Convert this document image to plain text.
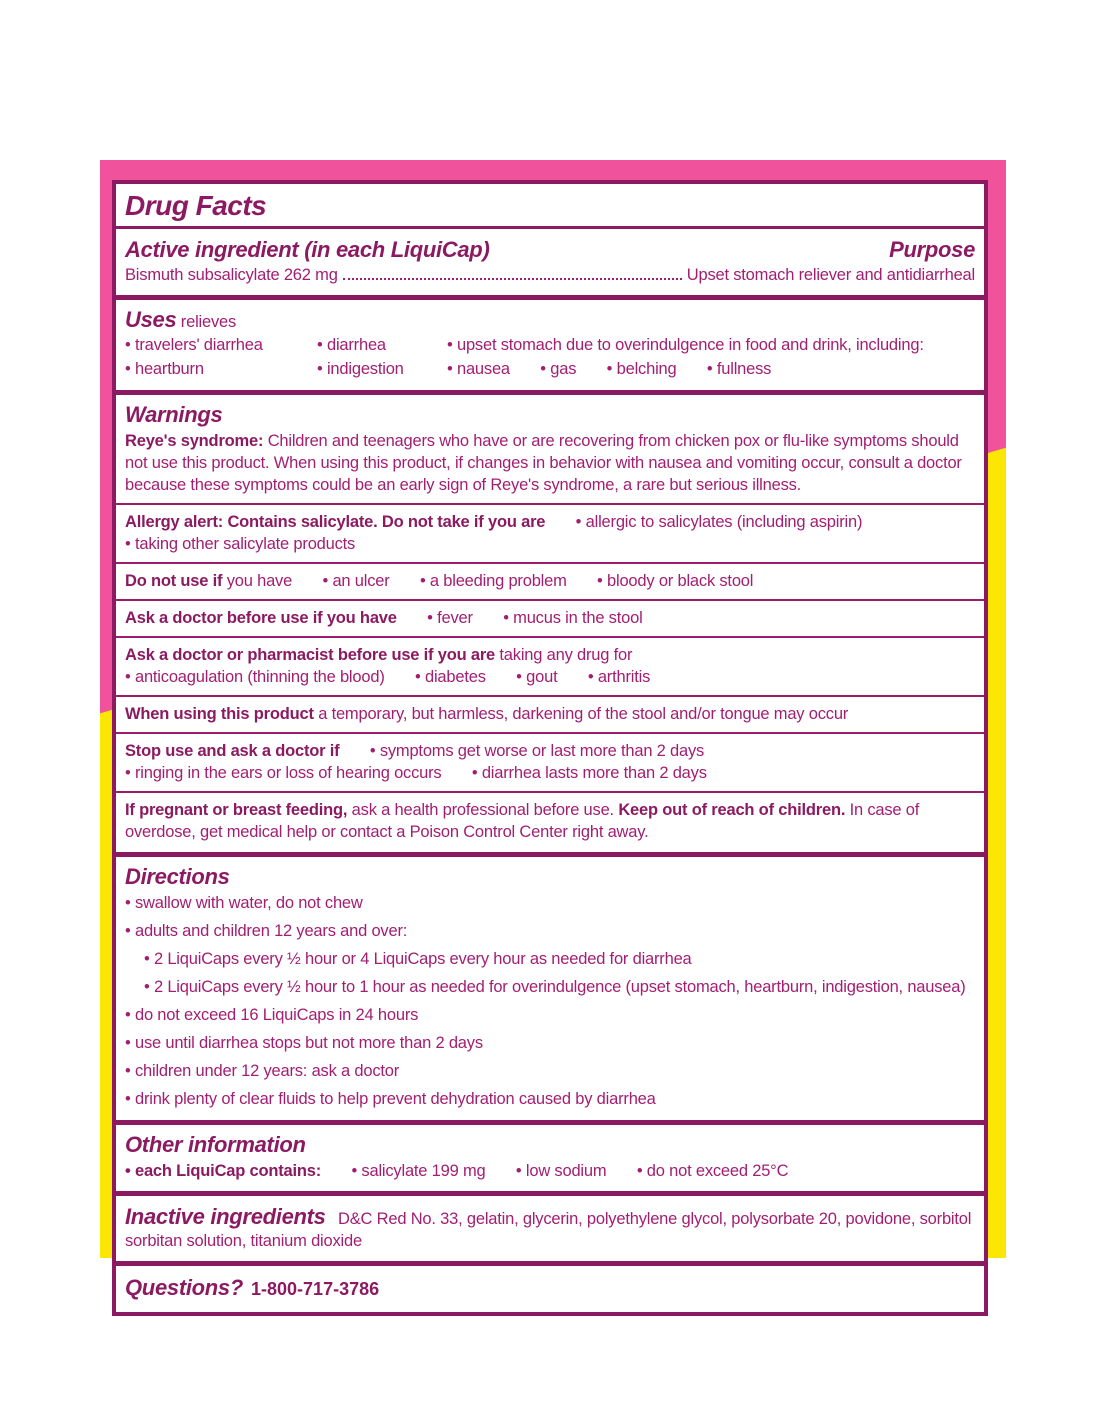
Drug Facts
Active ingredient (in each LiquiCap)	Purpose
Bismuth subsalicylate 262 mg	Upset stomach reliever and antidiarrheal
Uses relieves
• travelers' diarrhea	• diarrhea	• upset stomach due to overindulgence in food and drink, including:
• heartburn	• indigestion	• nausea • gas • belching • fullness
Warnings

Reye's syndrome: Children and teenagers who have or are recovering from chicken pox or flu-like symptoms should not use this product. When using this product, if changes in behavior with nausea and vomiting occur, consult a doctor because these symptoms could be an early sign of Reye's syndrome, a rare but serious illness.

Allergy alert: Contains salicylate. Do not take if you are • allergic to salicylates (including aspirin)
• taking other salicylate products

Do not use if you have • an ulcer • a bleeding problem • bloody or black stool

Ask a doctor before use if you have • fever • mucus in the stool

Ask a doctor or pharmacist before use if you are taking any drug for
• anticoagulation (thinning the blood) • diabetes • gout • arthritis

When using this product a temporary, but harmless, darkening of the stool and/or tongue may occur

Stop use and ask a doctor if • symptoms get worse or last more than 2 days
• ringing in the ears or loss of hearing occurs • diarrhea lasts more than 2 days

If pregnant or breast feeding, ask a health professional before use. Keep out of reach of children. In case of overdose, get medical help or contact a Poison Control Center right away.

Directions

• swallow with water, do not chew

• adults and children 12 years and over:

• 2 LiquiCaps every ½ hour or 4 LiquiCaps every hour as needed for diarrhea

• 2 LiquiCaps every ½ hour to 1 hour as needed for overindulgence (upset stomach, heartburn, indigestion, nausea)

• do not exceed 16 LiquiCaps in 24 hours

• use until diarrhea stops but not more than 2 days

• children under 12 years: ask a doctor

• drink plenty of clear fluids to help prevent dehydration caused by diarrhea

Other information

• each LiquiCap contains: • salicylate 199 mg • low sodium • do not exceed 25°C

Inactive ingredients D&C Red No. 33, gelatin, glycerin, polyethylene glycol, polysorbate 20, povidone, sorbitol sorbitan solution, titanium dioxide

Questions? 1-800-717-3786
